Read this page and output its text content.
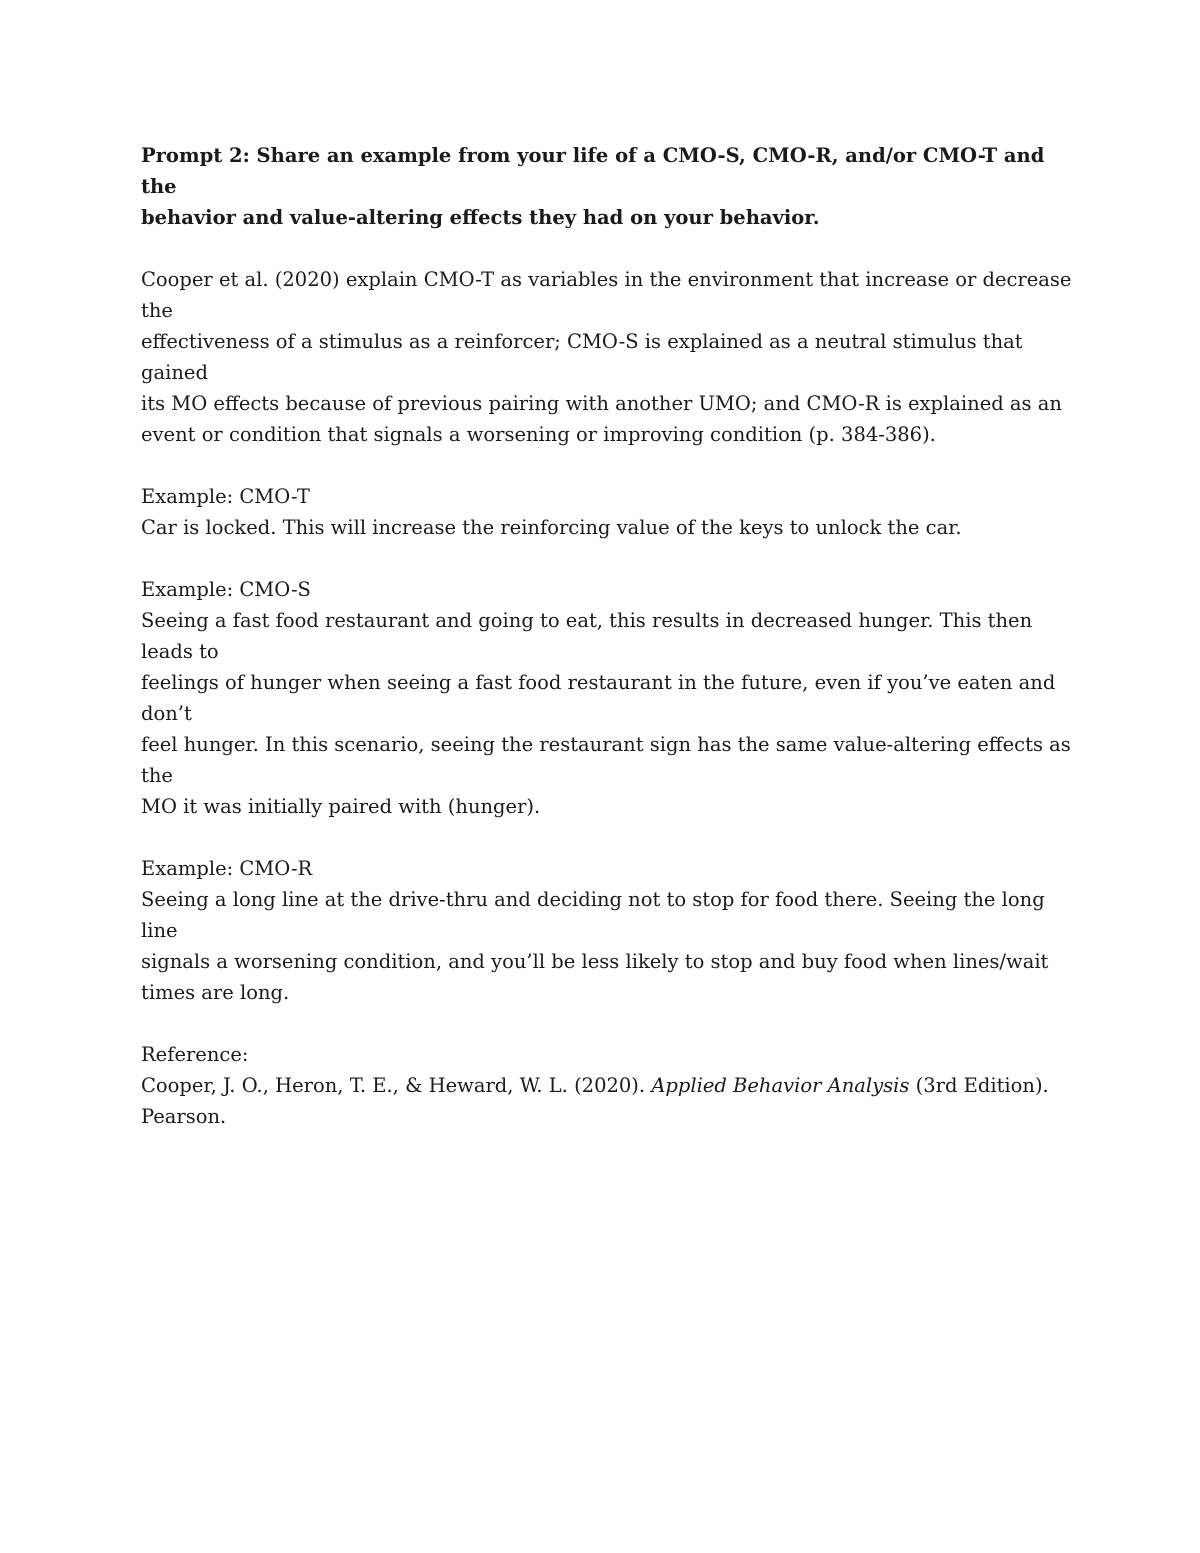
Prompt 2: Share an example from your life of a CMO-S, CMO-R, and/or CMO-T and the
behavior and value-altering effects they had on your behavior.
Cooper et al. (2020) explain CMO-T as variables in the environment that increase or decrease the
effectiveness of a stimulus as a reinforcer; CMO-S is explained as a neutral stimulus that gained
its MO effects because of previous pairing with another UMO; and CMO-R is explained as an
event or condition that signals a worsening or improving condition (p. 384-386).
Example: CMO-T
Car is locked. This will increase the reinforcing value of the keys to unlock the car.
Example: CMO-S
Seeing a fast food restaurant and going to eat, this results in decreased hunger. This then leads to
feelings of hunger when seeing a fast food restaurant in the future, even if you’ve eaten and don’t
feel hunger. In this scenario, seeing the restaurant sign has the same value-altering effects as the
MO it was initially paired with (hunger).
Example: CMO-R
Seeing a long line at the drive-thru and deciding not to stop for food there. Seeing the long line
signals a worsening condition, and you’ll be less likely to stop and buy food when lines/wait
times are long.
Reference:
Cooper, J. O., Heron, T. E., & Heward, W. L. (2020). Applied Behavior Analysis (3rd Edition).
Pearson.
